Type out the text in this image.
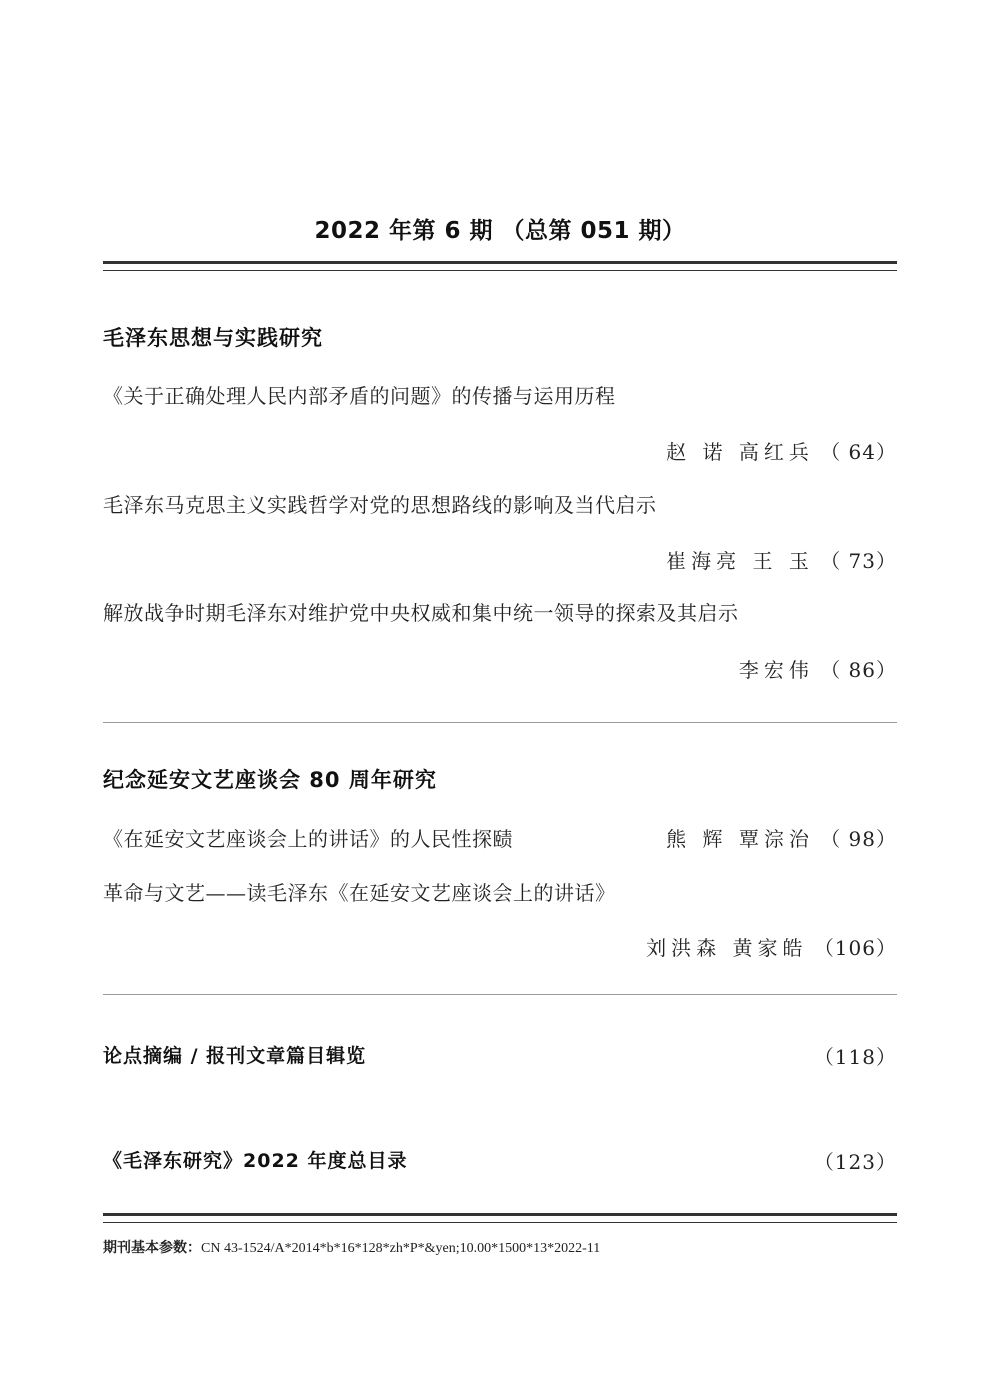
2022 年第 6 期 （总第 051 期）
毛泽东思想与实践研究
《关于正确处理人民内部矛盾的问题》的传播与运用历程
赵 诺 高红兵 （ 64）
毛泽东马克思主义实践哲学对党的思想路线的影响及当代启示
崔海亮 王 玉 （ 73）
解放战争时期毛泽东对维护党中央权威和集中统一领导的探索及其启示
李宏伟 （ 86）
纪念延安文艺座谈会 80 周年研究
《在延安文艺座谈会上的讲话》的人民性探赜	熊 辉 覃淙治 （ 98）
革命与文艺——读毛泽东《在延安文艺座谈会上的讲话》
刘洪森 黄家皓 （106）
论点摘编 / 报刊文章篇目辑览	（118）
《毛泽东研究》2022 年度总目录	（123）
期刊基本参数：CN 43-1524/A*2014*b*16*128*zh*P*&yen;10.00*1500*13*2022-11
